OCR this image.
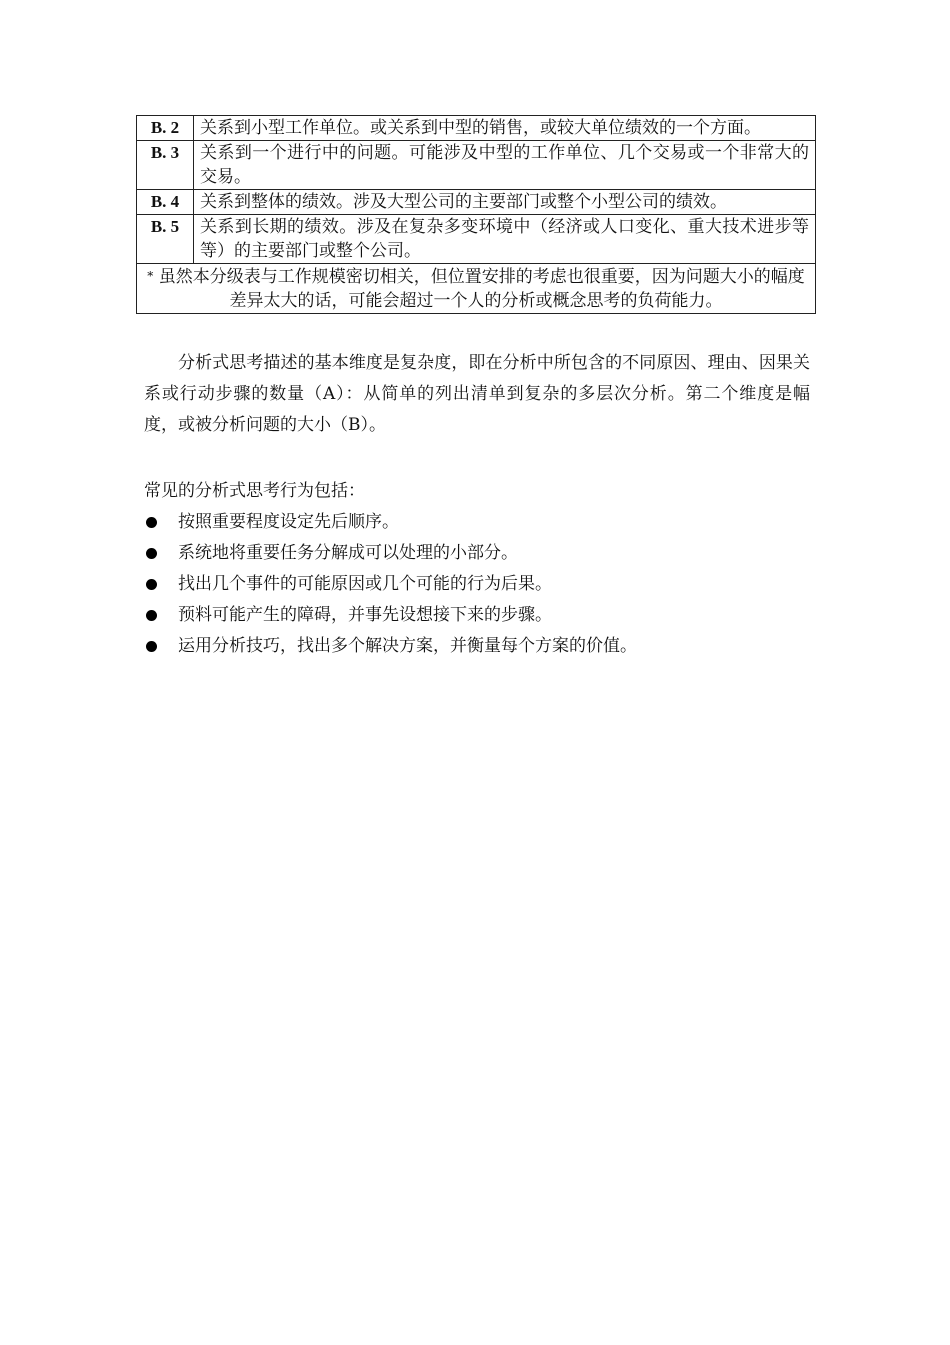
B. 2	关系到小型工作单位。或关系到中型的销售，或较大单位绩效的一个方面。
B. 3	关系到一个进行中的问题。可能涉及中型的工作单位、几个交易或一个非常大的交易。
B. 4	关系到整体的绩效。涉及大型公司的主要部门或整个小型公司的绩效。
B. 5	关系到长期的绩效。涉及在复杂多变环境中（经济或人口变化、重大技术进步等等）的主要部门或整个公司。
* 虽然本分级表与工作规模密切相关，但位置安排的考虑也很重要，因为问题大小的幅度差异太大的话，可能会超过一个人的分析或概念思考的负荷能力。	

分析式思考描述的基本维度是复杂度，即在分析中所包含的不同原因、理由、因果关系或行动步骤的数量（A）：从简单的列出清单到复杂的多层次分析。第二个维度是幅度，或被分析问题的大小（B）。

常见的分析式思考行为包括：

按照重要程度设定先后顺序。
系统地将重要任务分解成可以处理的小部分。
找出几个事件的可能原因或几个可能的行为后果。
预料可能产生的障碍，并事先设想接下来的步骤。
运用分析技巧，找出多个解决方案，并衡量每个方案的价值。
